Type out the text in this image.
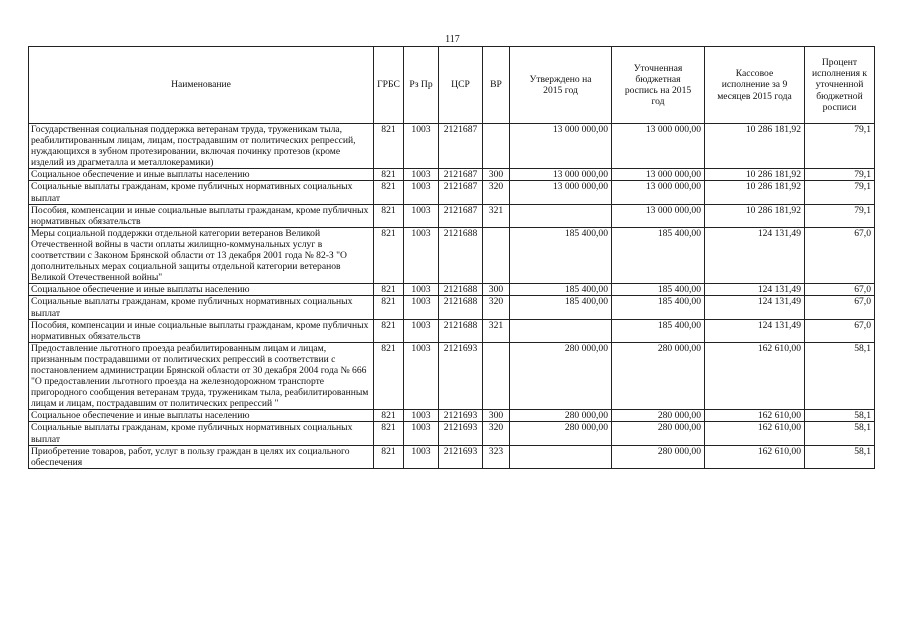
117
Наименование	ГРБС	Рз Пр	ЦСР	ВР	Утверждено на 2015 год	Уточненная бюджетная роспись на 2015 год	Кассовое исполнение за 9 месяцев 2015 года	Процент исполнения к уточненной бюджетной росписи
Государственная социальная поддержка ветеранам труда, труженикам тыла, реабилитированным лицам, лицам, пострадавшим от политических репрессий, нуждающихся в зубном протезировании, включая починку протезов (кроме изделий из драгметалла и металлокерамики)	821	1003	2121687		13 000 000,00	13 000 000,00	10 286 181,92	79,1
Социальное обеспечение и иные выплаты населению	821	1003	2121687	300	13 000 000,00	13 000 000,00	10 286 181,92	79,1
Социальные выплаты гражданам, кроме публичных нормативных социальных выплат	821	1003	2121687	320	13 000 000,00	13 000 000,00	10 286 181,92	79,1
Пособия, компенсации и иные социальные выплаты гражданам, кроме публичных нормативных обязательств	821	1003	2121687	321		13 000 000,00	10 286 181,92	79,1
Меры социальной поддержки отдельной категории ветеранов Великой Отечественной войны в части оплаты жилищно-коммунальных услуг в соответствии с Законом Брянской области от 13 декабря 2001 года № 82-З "О дополнительных мерах социальной защиты отдельной категории ветеранов Великой Отечественной войны"	821	1003	2121688		185 400,00	185 400,00	124 131,49	67,0
Социальное обеспечение и иные выплаты населению	821	1003	2121688	300	185 400,00	185 400,00	124 131,49	67,0
Социальные выплаты гражданам, кроме публичных нормативных социальных выплат	821	1003	2121688	320	185 400,00	185 400,00	124 131,49	67,0
Пособия, компенсации и иные социальные выплаты гражданам, кроме публичных нормативных обязательств	821	1003	2121688	321		185 400,00	124 131,49	67,0
Предоставление льготного проезда реабилитированным лицам и лицам, признанным пострадавшими от политических репрессий в соответствии с постановлением администрации Брянской области от 30 декабря 2004 года № 666 "О предоставлении льготного проезда на железнодорожном транспорте пригородного сообщения ветеранам труда, труженикам тыла, реабилитированным лицам и лицам, пострадавшим от политических репрессий "	821	1003	2121693		280 000,00	280 000,00	162 610,00	58,1
Социальное обеспечение и иные выплаты населению	821	1003	2121693	300	280 000,00	280 000,00	162 610,00	58,1
Социальные выплаты гражданам, кроме публичных нормативных социальных выплат	821	1003	2121693	320	280 000,00	280 000,00	162 610,00	58,1
Приобретение товаров, работ, услуг в пользу граждан в целях их социального обеспечения	821	1003	2121693	323		280 000,00	162 610,00	58,1
